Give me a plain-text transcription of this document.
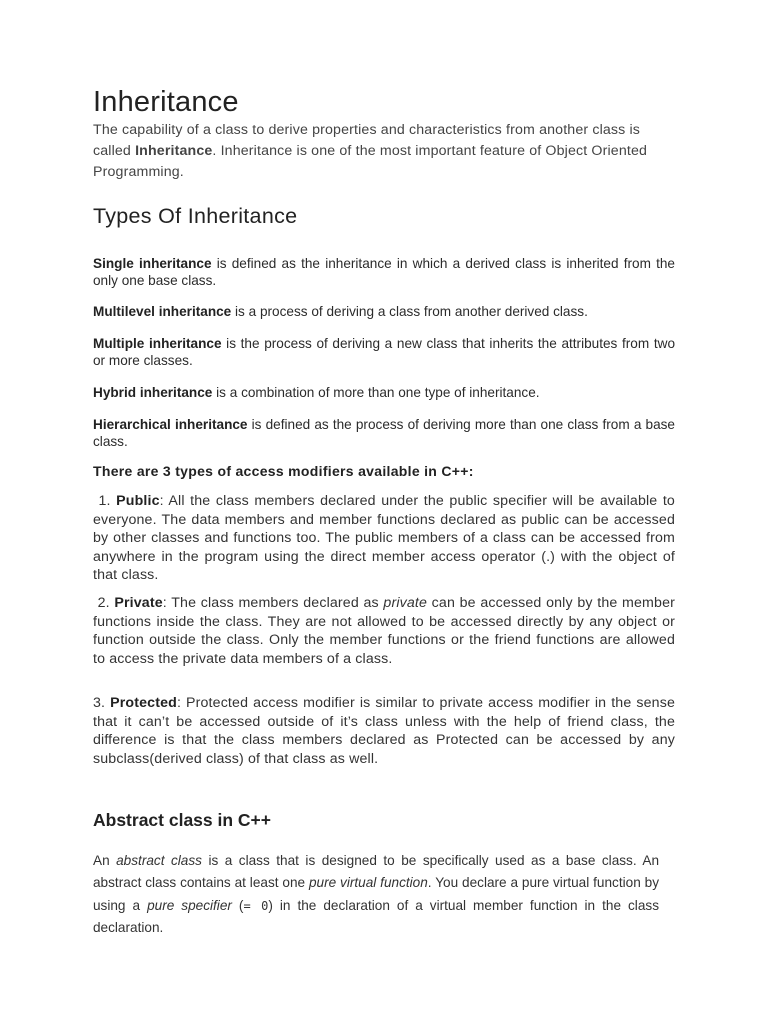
Inheritance

The capability of a class to derive properties and characteristics from another class is called Inheritance. Inheritance is one of the most important feature of Object Oriented Programming.

Types Of Inheritance

Single inheritance is defined as the inheritance in which a derived class is inherited from the only one base class.

Multilevel inheritance is a process of deriving a class from another derived class.

Multiple inheritance is the process of deriving a new class that inherits the attributes from two or more classes.

Hybrid inheritance is a combination of more than one type of inheritance.

Hierarchical inheritance is defined as the process of deriving more than one class from a base class.

There are 3 types of access modifiers available in C++:

1. Public: All the class members declared under the public specifier will be available to everyone. The data members and member functions declared as public can be accessed by other classes and functions too. The public members of a class can be accessed from anywhere in the program using the direct member access operator (.) with the object of that class.

2. Private: The class members declared as private can be accessed only by the member functions inside the class. They are not allowed to be accessed directly by any object or function outside the class. Only the member functions or the friend functions are allowed to access the private data members of a class.

3. Protected: Protected access modifier is similar to private access modifier in the sense that it can’t be accessed outside of it’s class unless with the help of friend class, the difference is that the class members declared as Protected can be accessed by any subclass(derived class) of that class as well.

Abstract class in C++

An abstract class is a class that is designed to be specifically used as a base class. An abstract class contains at least one pure virtual function. You declare a pure virtual function by using a pure specifier (= 0) in the declaration of a virtual member function in the class declaration.
